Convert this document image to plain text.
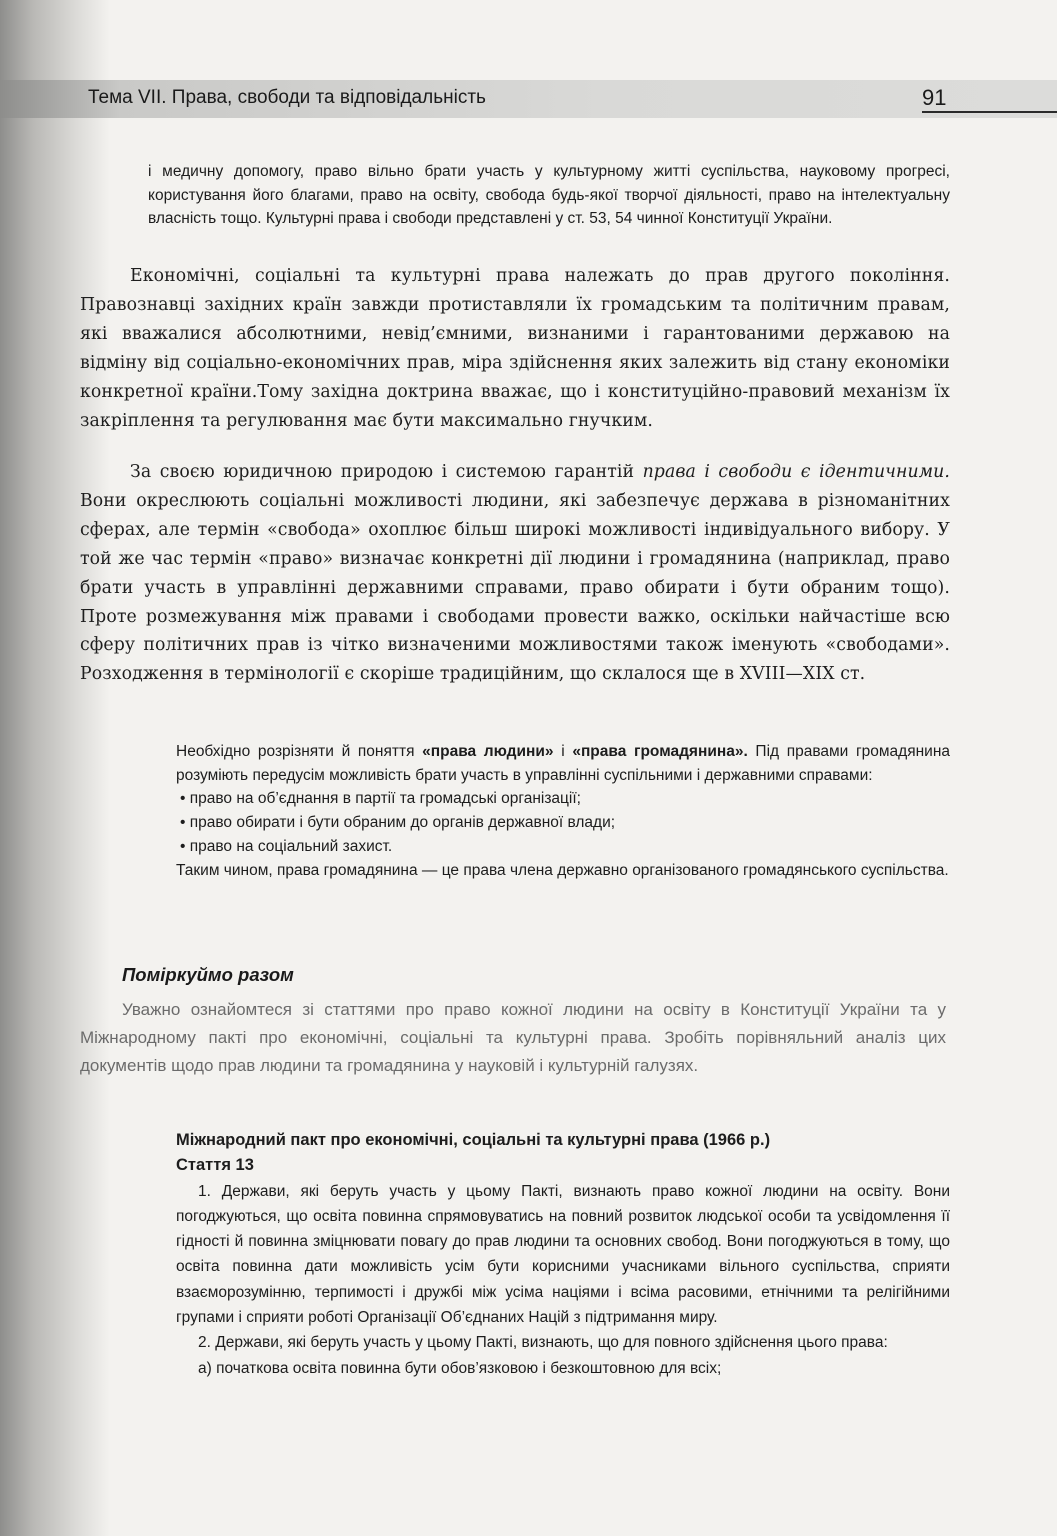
Тема VII. Права, свободи та відповідальність	91

і медичну допомогу, право вільно брати участь у культурному житті суспільства, науковому прогресі, користування його благами, право на освіту, свобода будь-якої творчої діяльності, право на інтелектуальну власність тощо. Культурні права і свободи представлені у ст. 53, 54 чинної Конституції України.

Економічні, соціальні та культурні права належать до прав другого покоління. Правознавці західних країн завжди протиставляли їх громадським та політичним правам, які вважалися абсолютними, невід’ємними, визнаними і гарантованими державою на відміну від соціально-економічних прав, міра здійснення яких залежить від стану економіки конкретної країни.Тому західна доктрина вважає, що і конституційно-правовий механізм їх закріплення та регулювання має бути максимально гнучким.

За своєю юридичною природою і системою гарантій права і свободи є ідентичними. Вони окреслюють соціальні можливості людини, які забезпечує держава в різноманітних сферах, але термін «свобода» охоплює більш широкі можливості індивідуального вибору. У той же час термін «право» визначає конкретні дії людини і громадянина (наприклад, право брати участь в управлінні державними справами, право обирати і бути обраним тощо). Проте розмежування між правами і свободами провести важко, оскільки найчастіше всю сферу політичних прав із чітко визначеними можливостями також іменують «свободами». Розходження в термінології є скоріше традиційним, що склалося ще в XVIII—XIX ст.

Необхідно розрізняти й поняття «права людини» і «права громадянина». Під правами громадянина розуміють передусім можливість брати участь в управлінні суспільними і державними справами:

• право на об’єднання в партії та громадські організації;

• право обирати і бути обраним до органів державної влади;

• право на соціальний захист.

Таким чином, права громадянина — це права члена державно організованого громадянського суспільства.

Поміркуймо разом

Уважно ознайомтеся зі статтями про право кожної людини на освіту в Конституції України та у Міжнародному пакті про економічні, соціальні та культурні права. Зробіть порівняльний аналіз цих документів щодо прав людини та громадянина у науковій і культурній галузях.

Міжнародний пакт про економічні, соціальні та культурні права (1966 р.)

Стаття 13

1. Держави, які беруть участь у цьому Пакті, визнають право кожної людини на освіту. Вони погоджуються, що освіта повинна спрямовуватись на повний розвиток людської особи та усвідомлення її гідності й повинна зміцнювати повагу до прав людини та основних свобод. Вони погоджуються в тому, що освіта повинна дати можливість усім бути корисними учасниками вільного суспільства, сприяти взаєморозумінню, терпимості і дружбі між усіма націями і всіма расовими, етнічними та релігійними групами і сприяти роботі Організації Об’єднаних Націй з підтримання миру.

2. Держави, які беруть участь у цьому Пакті, визнають, що для повного здійснення цього права:

а) початкова освіта повинна бути обов’язковою і безкоштовною для всіх;
